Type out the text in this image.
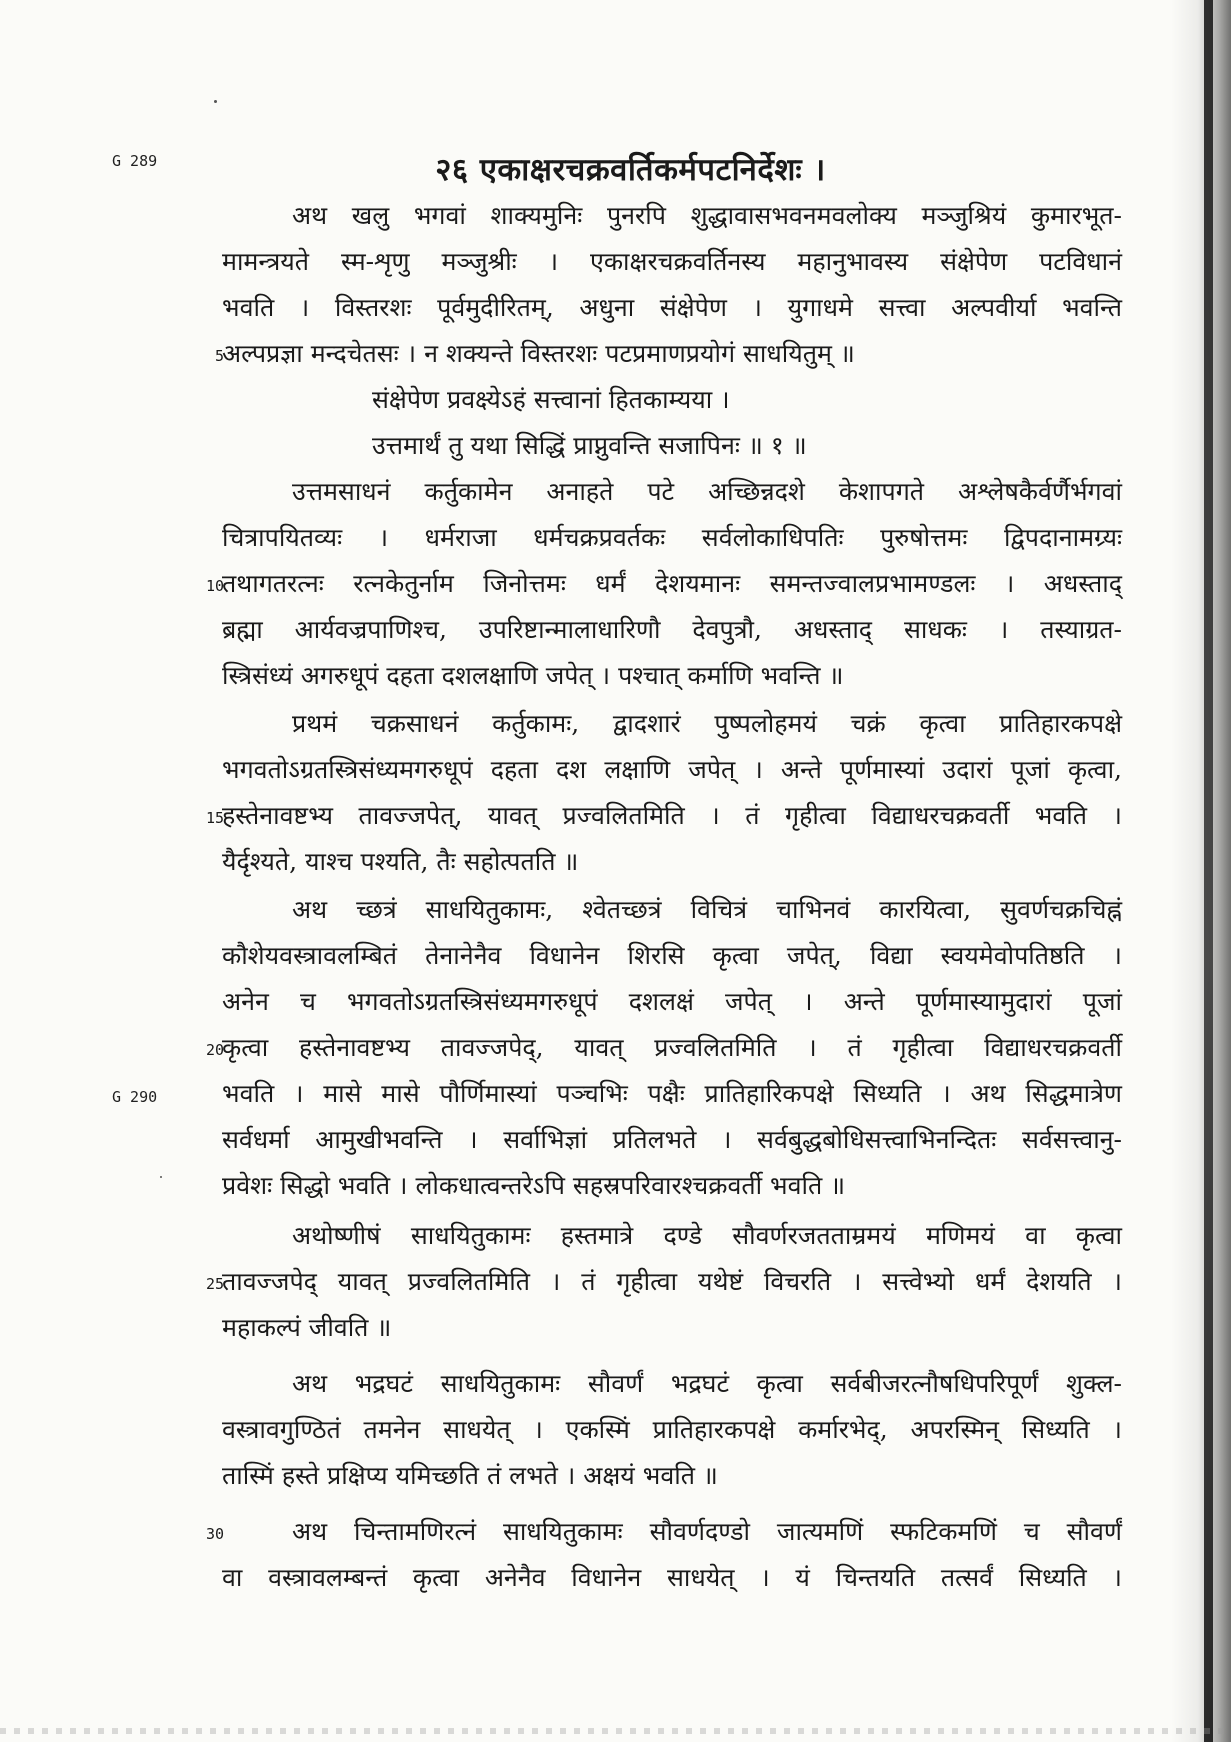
G 289
G 290
२६ एकाक्षरचक्रवर्तिकर्मपटनिर्देशः ।
अथ खलु भगवां शाक्यमुनिः पुनरपि शुद्धावासभवनमवलोक्य मञ्जुश्रियं कुमारभूत-
मामन्त्रयते स्म-शृणु मञ्जुश्रीः । एकाक्षरचक्रवर्तिनस्य महानुभावस्य संक्षेपेण पटविधानं
भवति । विस्तरशः पूर्वमुदीरितम्, अधुना संक्षेपेण । युगाधमे सत्त्वा अल्पवीर्या भवन्ति
5
अल्पप्रज्ञा मन्दचेतसः । न शक्यन्ते विस्तरशः पटप्रमाणप्रयोगं साधयितुम् ॥
संक्षेपेण प्रवक्ष्येऽहं सत्त्वानां हितकाम्यया ।
उत्तमार्थं तु यथा सिद्धिं प्राप्नुवन्ति सजापिनः ॥ १ ॥
उत्तमसाधनं कर्तुकामेन अनाहते पटे अच्छिन्नदशे केशापगते अश्लेषकैर्वर्णैर्भगवां
चित्रापयितव्यः । धर्मराजा धर्मचक्रप्रवर्तकः सर्वलोकाधिपतिः पुरुषोत्तमः द्विपदानामग्र्यः
10
तथागतरत्नः रत्नकेतुर्नाम जिनोत्तमः धर्मं देशयमानः समन्तज्वालप्रभामण्डलः । अधस्ताद्
ब्रह्मा आर्यवज्रपाणिश्च, उपरिष्टान्मालाधारिणौ देवपुत्रौ, अधस्ताद् साधकः । तस्याग्रत-
स्त्रिसंध्यं अगरुधूपं दहता दशलक्षाणि जपेत् । पश्चात् कर्माणि भवन्ति ॥
प्रथमं चक्रसाधनं कर्तुकामः, द्वादशारं पुष्पलोहमयं चक्रं कृत्वा प्रातिहारकपक्षे
भगवतोऽग्रतस्त्रिसंध्यमगरुधूपं दहता दश लक्षाणि जपेत् । अन्ते पूर्णमास्यां उदारां पूजां कृत्वा,
15
हस्तेनावष्टभ्य तावज्जपेत्, यावत् प्रज्वलितमिति । तं गृहीत्वा विद्याधरचक्रवर्ती भवति ।
यैर्दृश्यते, याश्च पश्यति, तैः सहोत्पतति ॥
अथ च्छत्रं साधयितुकामः, श्वेतच्छत्रं विचित्रं चाभिनवं कारयित्वा, सुवर्णचक्रचिह्नं
कौशेयवस्त्रावलम्बितं तेनानेनैव विधानेन शिरसि कृत्वा जपेत्, विद्या स्वयमेवोपतिष्ठति ।
अनेन च भगवतोऽग्रतस्त्रिसंध्यमगरुधूपं दशलक्षं जपेत् । अन्ते पूर्णमास्यामुदारां पूजां
20
कृत्वा हस्तेनावष्टभ्य तावज्जपेद्, यावत् प्रज्वलितमिति । तं गृहीत्वा विद्याधरचक्रवर्ती
भवति । मासे मासे पौर्णिमास्यां पञ्चभिः पक्षैः प्रातिहारिकपक्षे सिध्यति । अथ सिद्धमात्रेण
सर्वधर्मा आमुखीभवन्ति । सर्वाभिज्ञां प्रतिलभते । सर्वबुद्धबोधिसत्त्वाभिनन्दितः सर्वसत्त्वानु-
प्रवेशः सिद्धो भवति । लोकधात्वन्तरेऽपि सहस्रपरिवारश्चक्रवर्ती भवति ॥
अथोष्णीषं साधयितुकामः हस्तमात्रे दण्डे सौवर्णरजतताम्रमयं मणिमयं वा कृत्वा
25
तावज्जपेद् यावत् प्रज्वलितमिति । तं गृहीत्वा यथेष्टं विचरति । सत्त्वेभ्यो धर्मं देशयति ।
महाकल्पं जीवति ॥
अथ भद्रघटं साधयितुकामः सौवर्णं भद्रघटं कृत्वा सर्वबीजरत्नौषधिपरिपूर्णं शुक्ल-
वस्त्रावगुण्ठितं तमनेन साधयेत् । एकस्मिं प्रातिहारकपक्षे कर्मारभेद्, अपरस्मिन् सिध्यति ।
तास्मिं हस्ते प्रक्षिप्य यमिच्छति तं लभते । अक्षयं भवति ॥
30	अथ चिन्तामणिरत्नं साधयितुकामः सौवर्णदण्डो जात्यमणिं स्फटिकमणिं च सौवर्णं
वा वस्त्रावलम्बन्तं कृत्वा अनेनैव विधानेन साधयेत् । यं चिन्तयति तत्सर्वं सिध्यति ।
